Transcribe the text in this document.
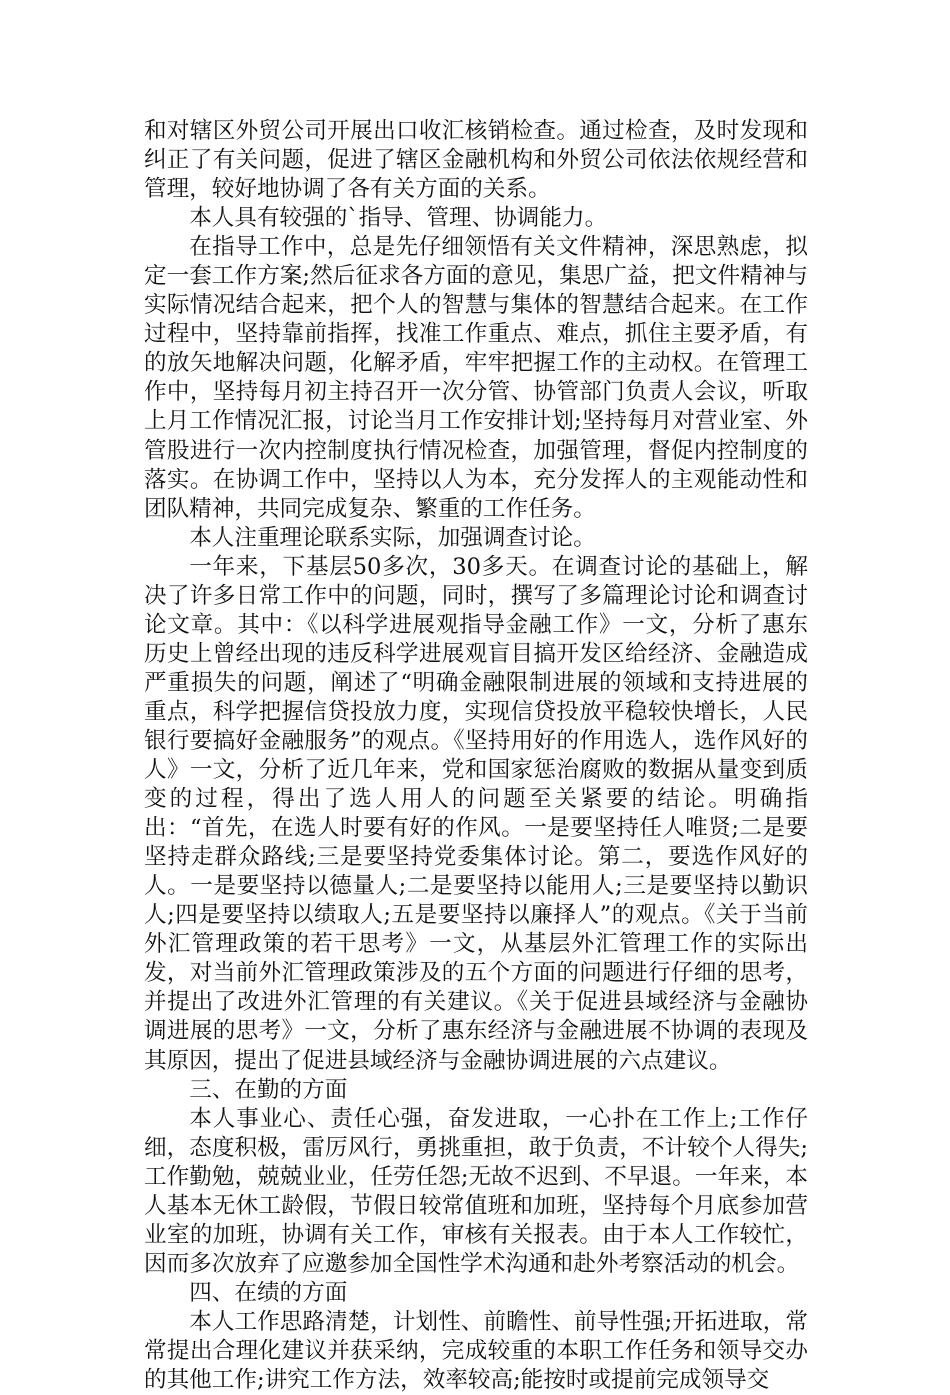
和对辖区外贸公司开展出口收汇核销检查。通过检查，及时发现和纠正了有关问题，促进了辖区金融机构和外贸公司依法依规经营和管理，较好地协调了各有关方面的关系。

本人具有较强的`指导、管理、协调能力。

在指导工作中，总是先仔细领悟有关文件精神，深思熟虑，拟定一套工作方案;然后征求各方面的意见，集思广益，把文件精神与实际情况结合起来，把个人的智慧与集体的智慧结合起来。在工作过程中，坚持靠前指挥，找准工作重点、难点，抓住主要矛盾，有的放矢地解决问题，化解矛盾，牢牢把握工作的主动权。在管理工作中，坚持每月初主持召开一次分管、协管部门负责人会议，听取上月工作情况汇报，讨论当月工作安排计划;坚持每月对营业室、外管股进行一次内控制度执行情况检查，加强管理，督促内控制度的落实。在协调工作中，坚持以人为本，充分发挥人的主观能动性和团队精神，共同完成复杂、繁重的工作任务。

本人注重理论联系实际，加强调查讨论。

一年来，下基层50多次，30多天。在调查讨论的基础上，解决了许多日常工作中的问题，同时，撰写了多篇理论讨论和调查讨论文章。其中：《以科学进展观指导金融工作》一文，分析了惠东历史上曾经出现的违反科学进展观盲目搞开发区给经济、金融造成严重损失的问题，阐述了“明确金融限制进展的领域和支持进展的重点，科学把握信贷投放力度，实现信贷投放平稳较快增长，人民银行要搞好金融服务”的观点。《坚持用好的作用选人，选作风好的人》一文，分析了近几年来，党和国家惩治腐败的数据从量变到质变的过程，得出了选人用人的问题至关紧要的结论。明确指出：“首先，在选人时要有好的作风。一是要坚持任人唯贤;二是要坚持走群众路线;三是要坚持党委集体讨论。第二，要选作风好的人。一是要坚持以德量人;二是要坚持以能用人;三是要坚持以勤识人;四是要坚持以绩取人;五是要坚持以廉择人”的观点。《关于当前外汇管理政策的若干思考》一文，从基层外汇管理工作的实际出发，对当前外汇管理政策涉及的五个方面的问题进行仔细的思考，并提出了改进外汇管理的有关建议。《关于促进县域经济与金融协调进展的思考》一文，分析了惠东经济与金融进展不协调的表现及其原因，提出了促进县域经济与金融协调进展的六点建议。

三、在勤的方面

本人事业心、责任心强，奋发进取，一心扑在工作上;工作仔细，态度积极，雷厉风行，勇挑重担，敢于负责，不计较个人得失;工作勤勉，兢兢业业，任劳任怨;无故不迟到、不早退。一年来，本人基本无休工龄假，节假日较常值班和加班，坚持每个月底参加营业室的加班，协调有关工作，审核有关报表。由于本人工作较忙，因而多次放弃了应邀参加全国性学术沟通和赴外考察活动的机会。

四、在绩的方面

本人工作思路清楚，计划性、前瞻性、前导性强;开拓进取，常常提出合理化建议并获采纳，完成较重的本职工作任务和领导交办的其他工作;讲究工作方法，效率较高;能按时或提前完成领导交
